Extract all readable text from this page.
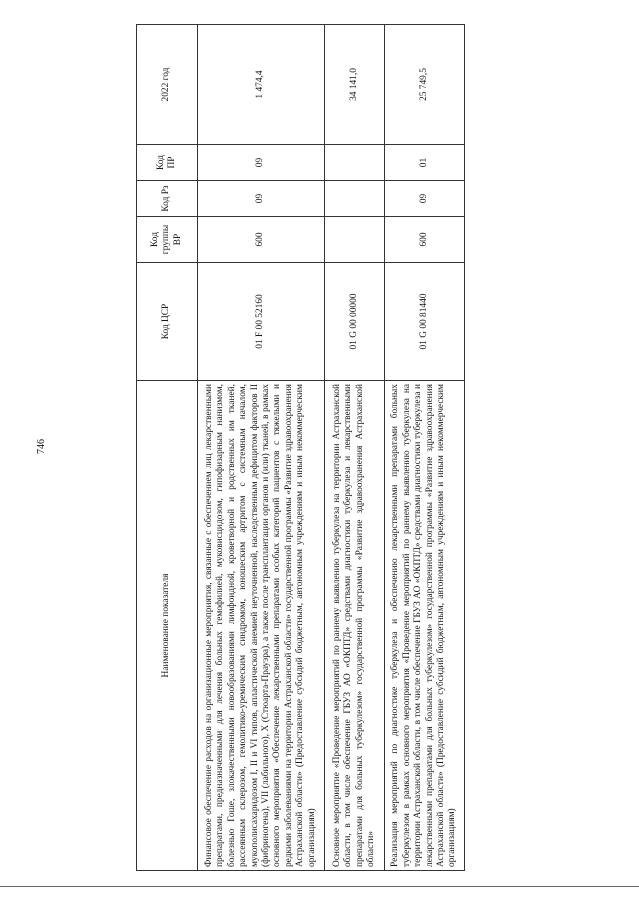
746
Наименование показателя	Код ЦСР	Код группы ВР	Код Рз	Код ПР	2022 год
Финансовое обеспечение расходов на организационные мероприятия, связанные с обеспечением лиц лекарственными препаратами, предназначенными для лечения больных гемофилией, муковисцидозом, гипофизарным нанизмом, болезнью Гоше, злокачественными новообразованиями лимфоидной, кроветворной и родственных им тканей, рассеянным склерозом, гемолитико-уремическим синдромом, юношеским артритом с системным началом, мукополисахаридозом I, II и VI типов, апластической анемией неуточненной, наследственным дефицитом факторов II (фибриногена), VII (лабильного), X (Стюарта-Прауэра), а также после трансплантации органов и (или) тканей, в рамках основного мероприятия «Обеспечение лекарственными препаратами особых категорий пациентов с тяжелыми и редкими заболеваниями на территории Астраханской области» государственной программы «Развитие здравоохранения Астраханской области» (Предоставление субсидий бюджетным, автономным учреждениям и иным некоммерческим организациям)	01 F 00 52160	600	09	09	1 474,4
Основное мероприятие «Проведение мероприятий по раннему выявлению туберкулеза на территории Астраханской области, в том числе обеспечение ГБУЗ АО «ОКПТД» средствами диагностики туберкулеза и лекарственными препаратами для больных туберкулезом» государственной программы «Развитие здравоохранения Астраханской области»	01 G 00 00000				34 141,0
Реализация мероприятий по диагностике туберкулеза и обеспечению лекарственными препаратами больных туберкулезом в рамках основного мероприятия «Проведение мероприятий по раннему выявлению туберкулеза на территории Астраханской области, в том числе обеспечение ГБУЗ АО «ОКПТД» средствами диагностики туберкулеза и лекарственными препаратами для больных туберкулезом» государственной программы «Развитие здравоохранения Астраханской области» (Предоставление субсидий бюджетным, автономным учреждениям и иным некоммерческим организациям)	01 G 00 81440	600	09	01	25 749,5
